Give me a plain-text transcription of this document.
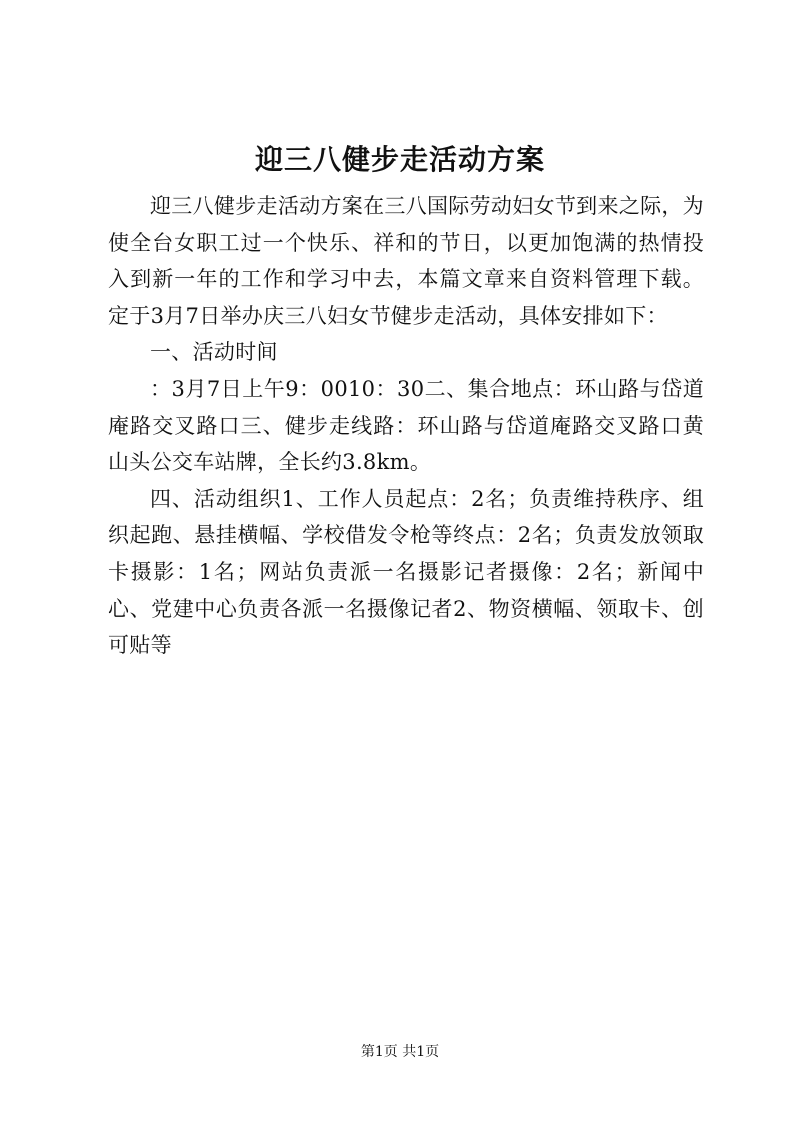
迎三八健步走活动方案

迎三八健步走活动方案在三八国际劳动妇女节到来之际，为使全台女职工过一个快乐、祥和的节日，以更加饱满的热情投入到新一年的工作和学习中去，本篇文章来自资料管理下载。定于3月7日举办庆三八妇女节健步走活动，具体安排如下：

一、活动时间

：3月7日上午9：0010：30二、集合地点：环山路与岱道庵路交叉路口三、健步走线路：环山路与岱道庵路交叉路口黄山头公交车站牌，全长约3.8km。

四、活动组织1、工作人员起点：2名；负责维持秩序、组织起跑、悬挂横幅、学校借发令枪等终点：2名；负责发放领取卡摄影：1名；网站负责派一名摄影记者摄像：2名；新闻中心、党建中心负责各派一名摄像记者2、物资横幅、领取卡、创可贴等

第1页 共1页
